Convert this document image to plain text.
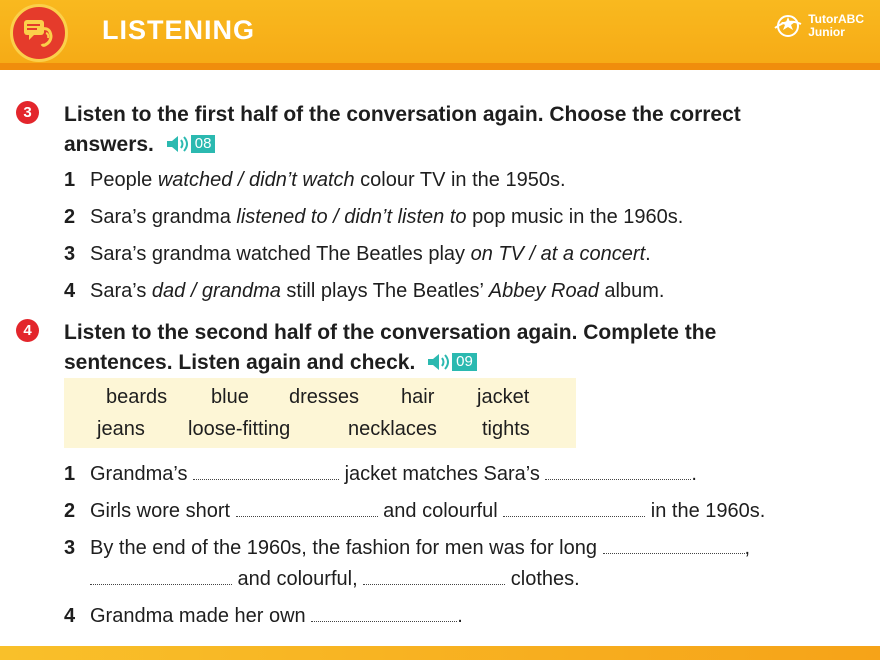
LISTENING	TutorABC
Junior
3	Listen to the first half of the conversation again. Choose the correct
answers.	08
1 People watched / didn’t watch colour TV in the 1950s.
2 Sara’s grandma listened to / didn’t listen to pop music in the 1960s.
3 Sara’s grandma watched The Beatles play on TV / at a concert.
4 Sara’s dad / grandma still plays The Beatles’ Abbey Road album.
4	Listen to the second half of the conversation again. Complete the
sentences. Listen again and check.	09
beards blue dresses hair jacket
jeans loose-fitting	necklaces tights
1 Grandma’s	jacket matches Sara’s	.
2 Girls wore short	and colourful	in the 1960s.
3 By the end of the 1960s, the fashion for men was for long	,
and colourful,	clothes.
4 Grandma made her own	.
